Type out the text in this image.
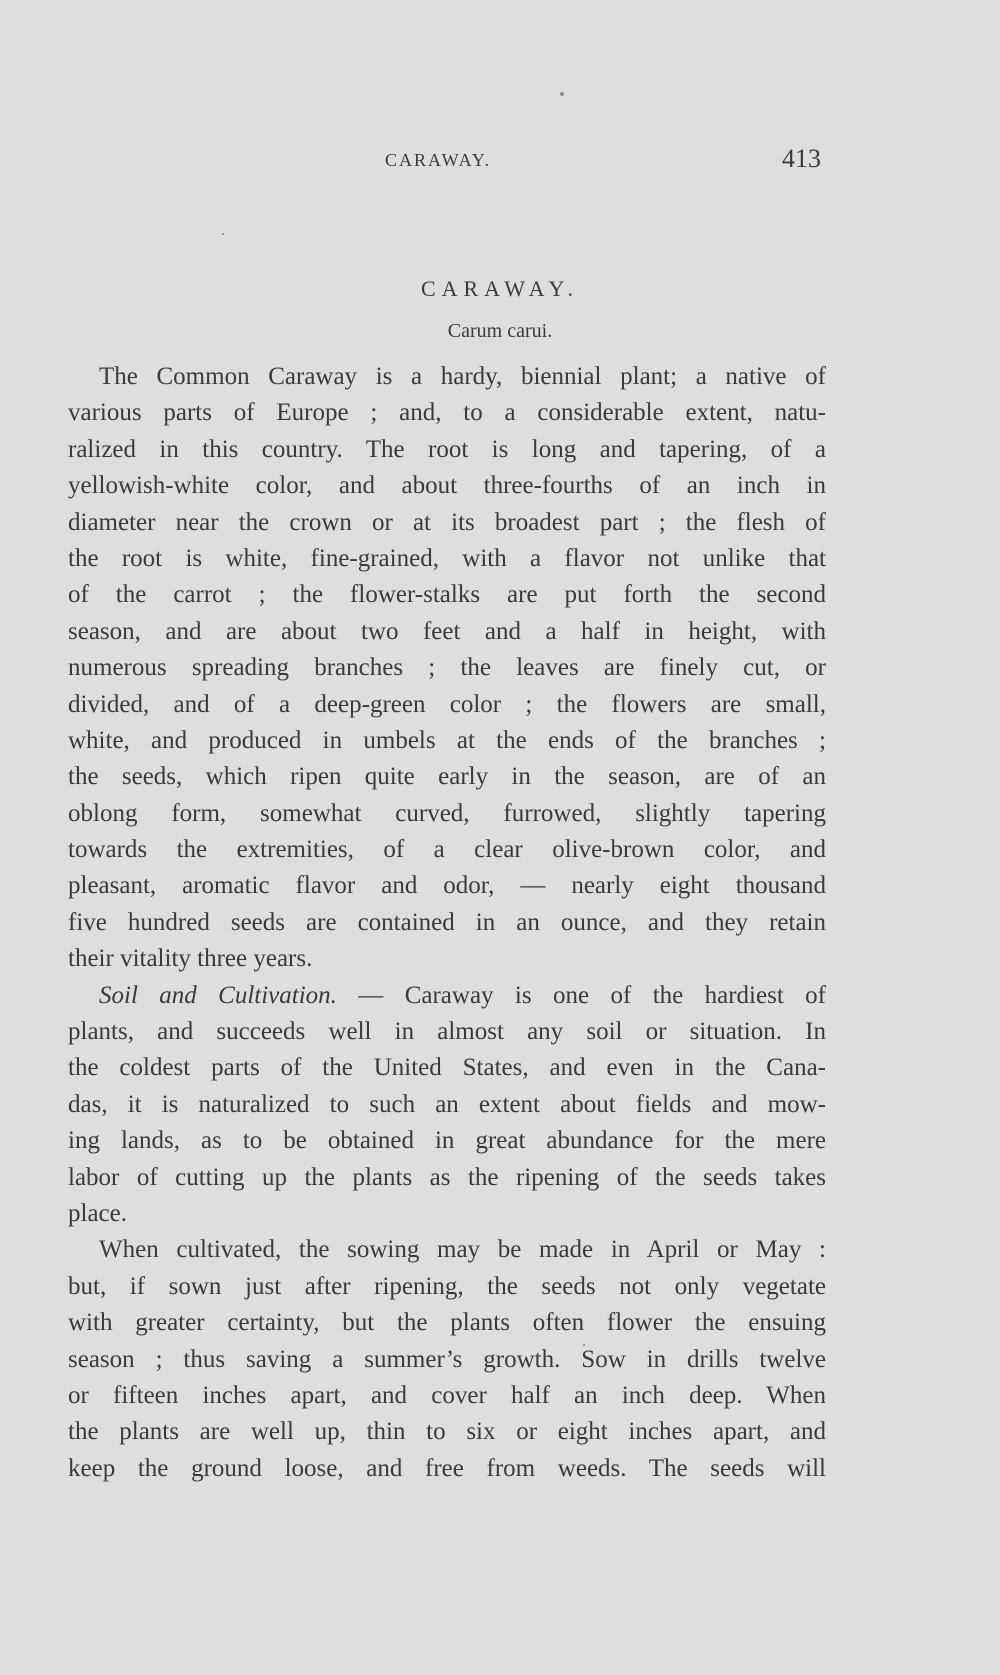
CARAWAY.	413
CARAWAY.
Carum carui.
The Common Caraway is a hardy, biennial plant; a native of
various parts of Europe ; and, to a considerable extent, natu-
ralized in this country. The root is long and tapering, of a
yellowish-white color, and about three-fourths of an inch in
diameter near the crown or at its broadest part ; the flesh of
the root is white, fine-grained, with a flavor not unlike that
of the carrot ; the flower-stalks are put forth the second
season, and are about two feet and a half in height, with
numerous spreading branches ; the leaves are finely cut, or
divided, and of a deep-green color ; the flowers are small,
white, and produced in umbels at the ends of the branches ;
the seeds, which ripen quite early in the season, are of an
oblong form, somewhat curved, furrowed, slightly tapering
towards the extremities, of a clear olive-brown color, and
pleasant, aromatic flavor and odor, — nearly eight thousand
five hundred seeds are contained in an ounce, and they retain
their vitality three years.
Soil and Cultivation. — Caraway is one of the hardiest of
plants, and succeeds well in almost any soil or situation. In
the coldest parts of the United States, and even in the Cana-
das, it is naturalized to such an extent about fields and mow-
ing lands, as to be obtained in great abundance for the mere
labor of cutting up the plants as the ripening of the seeds takes
place.
When cultivated, the sowing may be made in April or May :
but, if sown just after ripening, the seeds not only vegetate
with greater certainty, but the plants often flower the ensuing
season ; thus saving a summer’s growth. Sow in drills twelve
or fifteen inches apart, and cover half an inch deep. When
the plants are well up, thin to six or eight inches apart, and
keep the ground loose, and free from weeds. The seeds will
